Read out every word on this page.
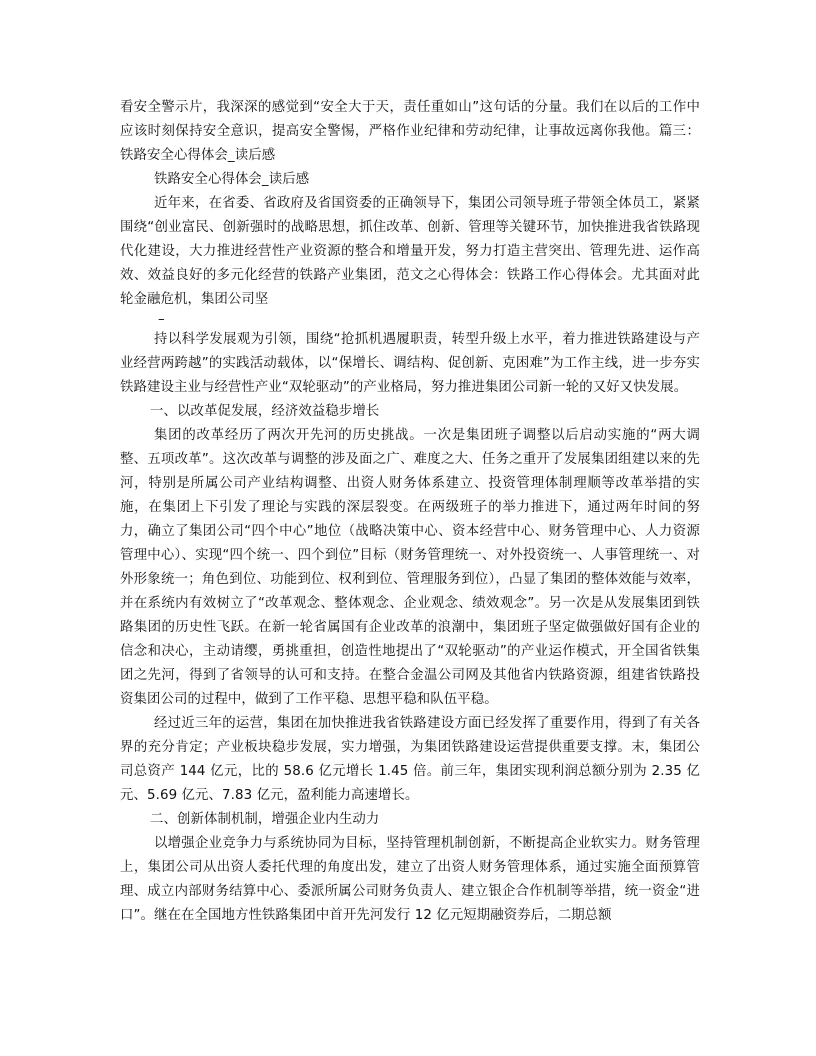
看安全警示片，我深深的感觉到“安全大于天，责任重如山”这句话的分量。我们在以后的工作中应该时刻保持安全意识，提高安全警惕，严格作业纪律和劳动纪律，让事故远离你我他。篇三：铁路安全心得体会_读后感

铁路安全心得体会_读后感

近年来，在省委、省政府及省国资委的正确领导下，集团公司领导班子带领全体员工，紧紧围绕“创业富民、创新强时的战略思想，抓住改革、创新、管理等关键环节，加快推进我省铁路现代化建设，大力推进经营性产业资源的整合和增量开发，努力打造主营突出、管理先进、运作高效、效益良好的多元化经营的铁路产业集团，范文之心得体会：铁路工作心得体会。尤其面对此轮金融危机，集团公司坚

–

持以科学发展观为引领，围绕“抢抓机遇履职责，转型升级上水平，着力推进铁路建设与产业经营两跨越”的实践活动载体，以“保增长、调结构、促创新、克困难”为工作主线，进一步夯实铁路建设主业与经营性产业“双轮驱动”的产业格局，努力推进集团公司新一轮的又好又快发展。

一、以改革促发展，经济效益稳步增长

集团的改革经历了两次开先河的历史挑战。一次是集团班子调整以后启动实施的“两大调整、五项改革”。这次改革与调整的涉及面之广、难度之大、任务之重开了发展集团组建以来的先河，特别是所属公司产业结构调整、出资人财务体系建立、投资管理体制理顺等改革举措的实施，在集团上下引发了理论与实践的深层裂变。在两级班子的举力推进下，通过两年时间的努力，确立了集团公司“四个中心”地位（战略决策中心、资本经营中心、财务管理中心、人力资源管理中心）、实现“四个统一、四个到位”目标（财务管理统一、对外投资统一、人事管理统一、对外形象统一；角色到位、功能到位、权利到位、管理服务到位），凸显了集团的整体效能与效率，并在系统内有效树立了“改革观念、整体观念、企业观念、绩效观念”。另一次是从发展集团到铁路集团的历史性飞跃。在新一轮省属国有企业改革的浪潮中，集团班子坚定做强做好国有企业的信念和决心，主动请缨，勇挑重担，创造性地提出了“双轮驱动”的产业运作模式，开全国省铁集团之先河，得到了省领导的认可和支持。在整合金温公司网及其他省内铁路资源，组建省铁路投资集团公司的过程中，做到了工作平稳、思想平稳和队伍平稳。

经过近三年的运营，集团在加快推进我省铁路建设方面已经发挥了重要作用，得到了有关各界的充分肯定；产业板块稳步发展，实力增强，为集团铁路建设运营提供重要支撑。末，集团公司总资产 144 亿元，比的 58.6 亿元增长 1.45 倍。前三年，集团实现利润总额分别为 2.35 亿元、5.69 亿元、7.83 亿元，盈利能力高速增长。

二、创新体制机制，增强企业内生动力

以增强企业竞争力与系统协同为目标，坚持管理机制创新，不断提高企业软实力。财务管理上，集团公司从出资人委托代理的角度出发，建立了出资人财务管理体系，通过实施全面预算管理、成立内部财务结算中心、委派所属公司财务负责人、建立银企合作机制等举措，统一资金“进口”。继在在全国地方性铁路集团中首开先河发行 12 亿元短期融资券后，二期总额
